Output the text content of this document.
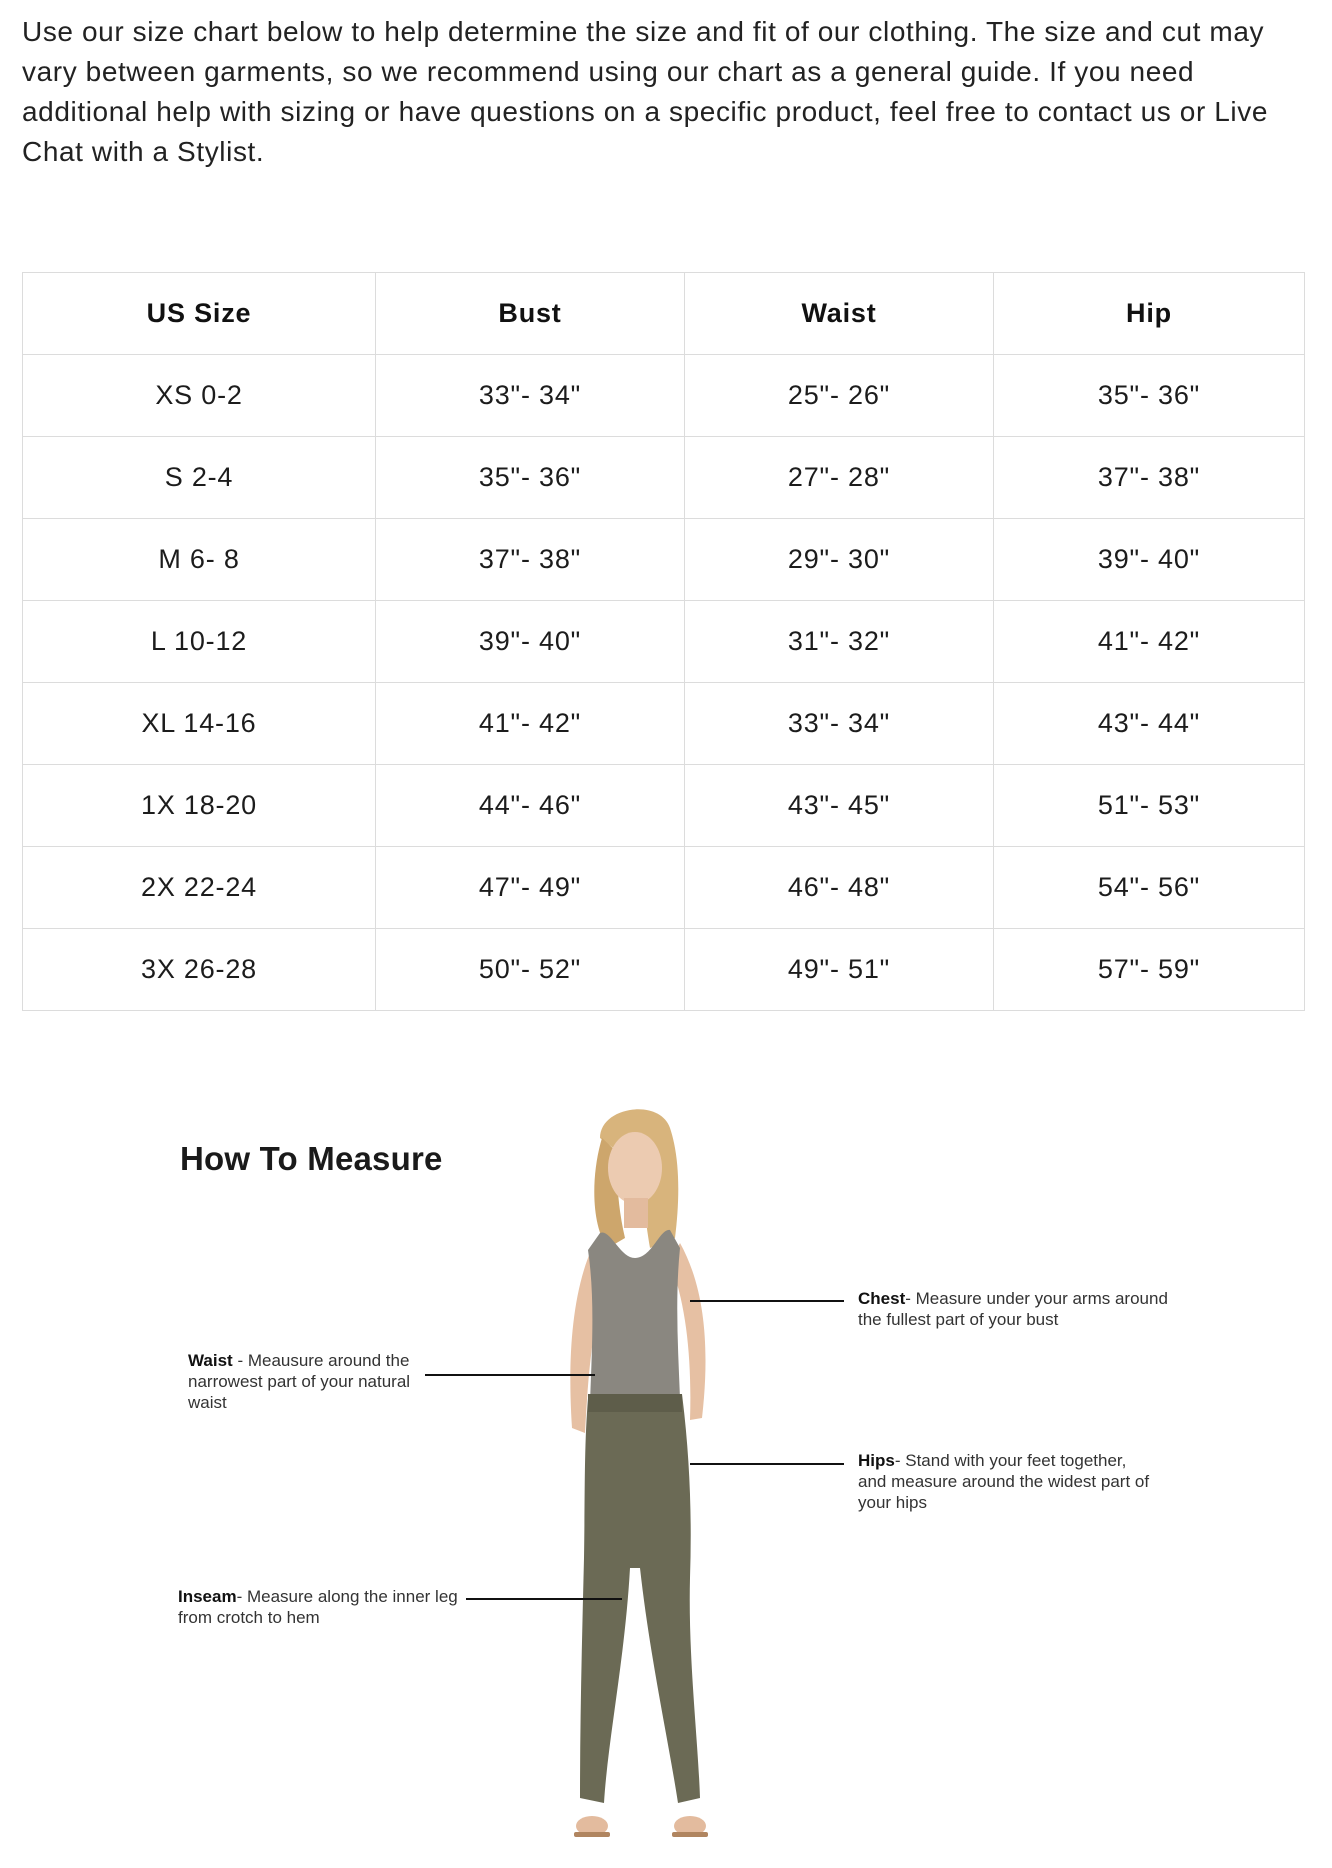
Use our size chart below to help determine the size and fit of our clothing. The size and cut may vary between garments, so we recommend using our chart as a general guide. If you need additional help with sizing or have questions on a specific product, feel free to contact us or Live Chat with a Stylist.

US Size	Bust	Waist	Hip
XS 0-2	33"- 34"	25"- 26"	35"- 36"
S 2-4	35"- 36"	27"- 28"	37"- 38"
M 6- 8	37"- 38"	29"- 30"	39"- 40"
L 10-12	39"- 40"	31"- 32"	41"- 42"
XL 14-16	41"- 42"	33"- 34"	43"- 44"
1X 18-20	44"- 46"	43"- 45"	51"- 53"
2X 22-24	47"- 49"	46"- 48"	54"- 56"
3X 26-28	50"- 52"	49"- 51"	57"- 59"
How To Measure
Chest- Measure under your arms around the fullest part of your bust
Waist - Meausure around the narrowest part of your natural waist
Hips- Stand with your feet together, and measure around the widest part of your hips
Inseam- Measure along the inner leg from crotch to hem
